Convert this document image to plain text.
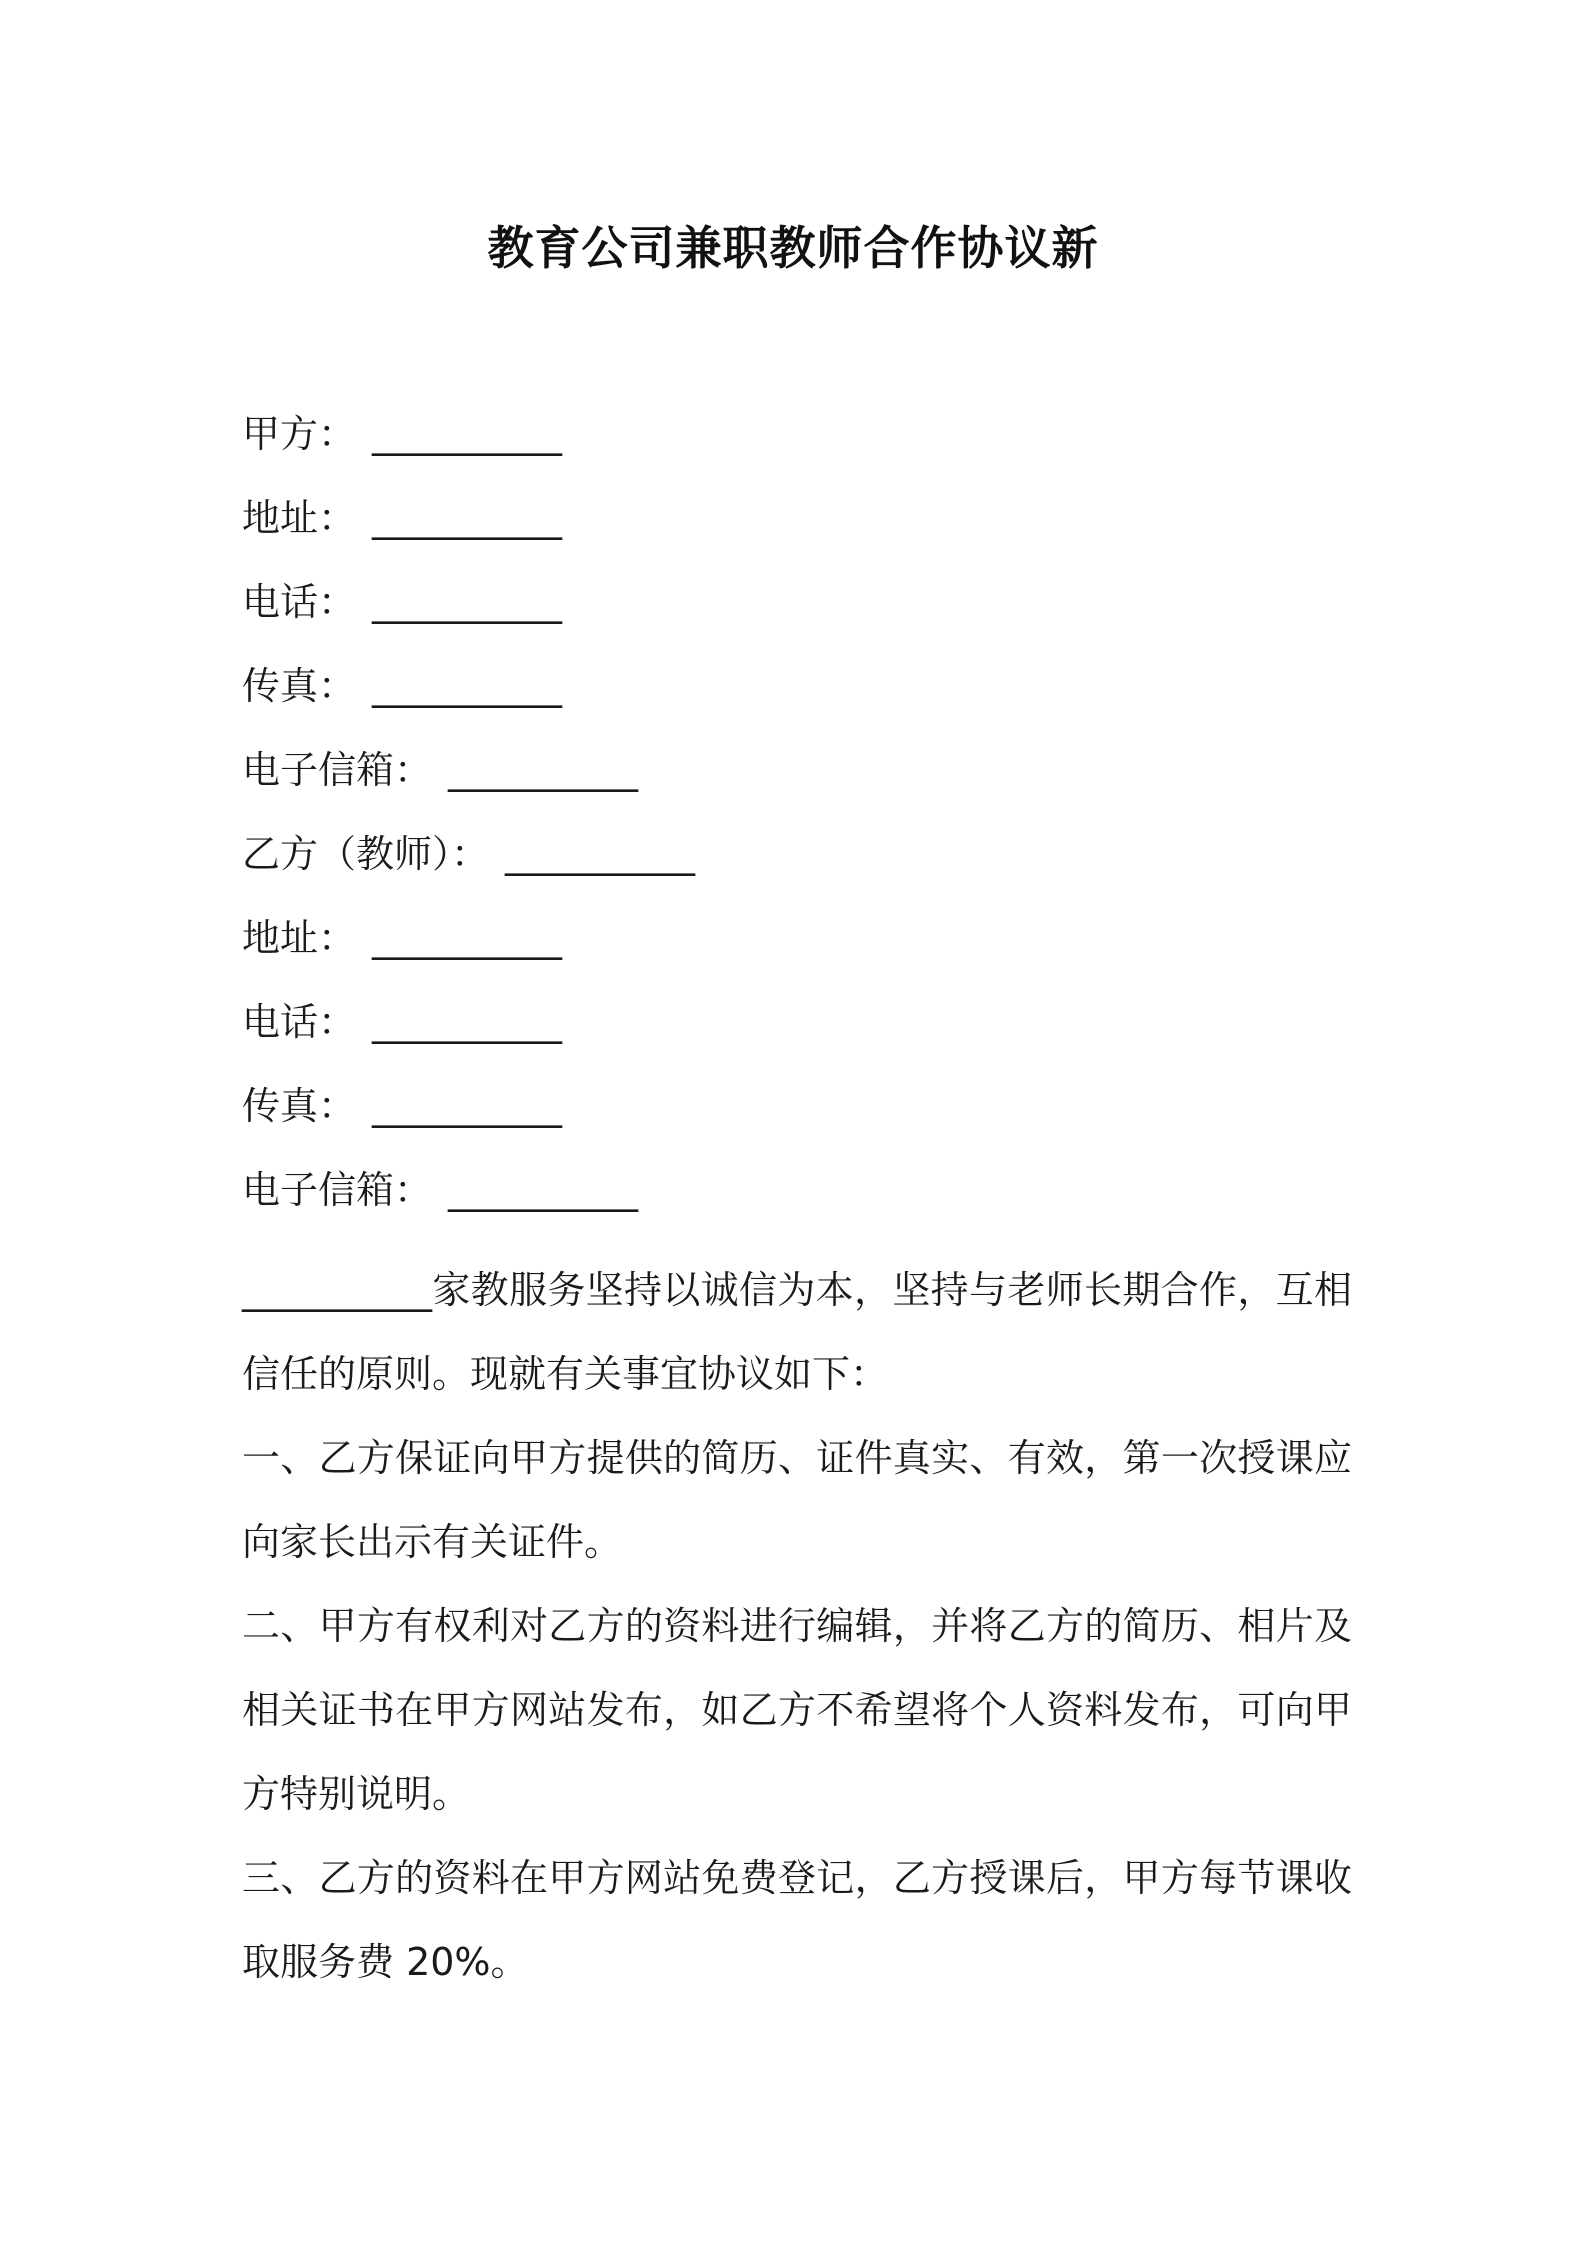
教育公司兼职教师合作协议新
甲方： __________
地址： __________
电话： __________
传真： __________
电子信箱： __________
乙方（教师）： __________
地址： __________
电话： __________
传真： __________
电子信箱： __________

__________家教服务坚持以诚信为本，坚持与老师长期合作，互相信任的原则。现就有关事宜协议如下：

一、乙方保证向甲方提供的简历、证件真实、有效，第一次授课应向家长出示有关证件。

二、甲方有权利对乙方的资料进行编辑，并将乙方的简历、相片及相关证书在甲方网站发布，如乙方不希望将个人资料发布，可向甲方特别说明。

三、乙方的资料在甲方网站免费登记，乙方授课后，甲方每节课收取服务费 20%。
